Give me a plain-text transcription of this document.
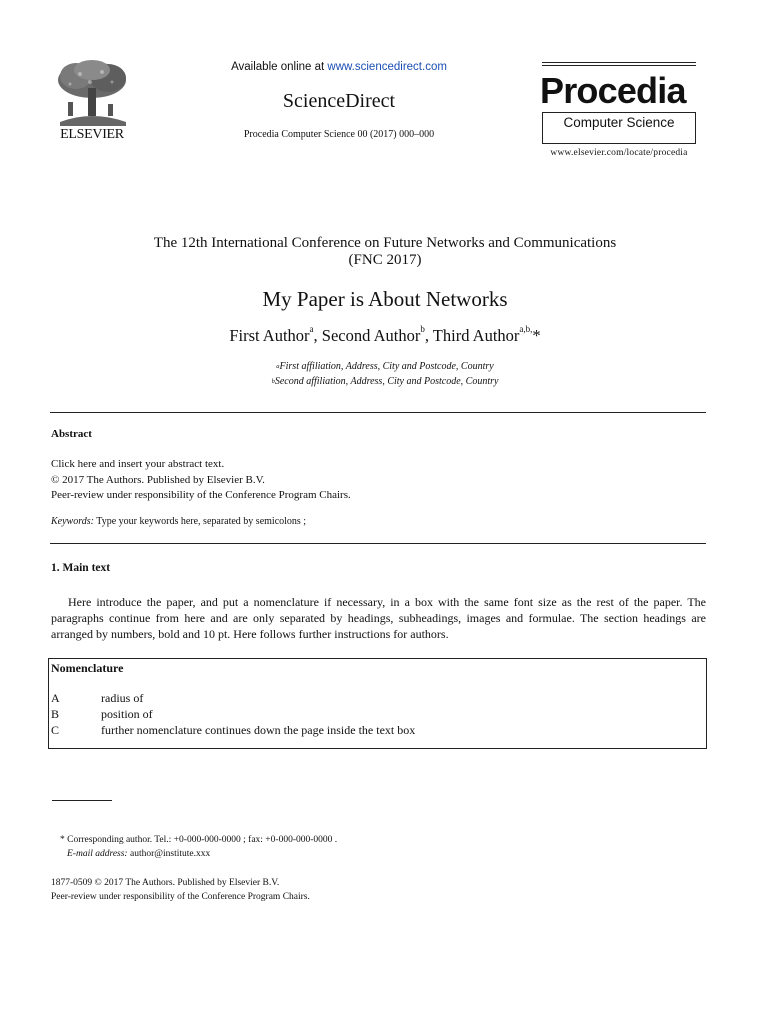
ELSEVIER
Available online at www.sciencedirect.com
ScienceDirect
Procedia Computer Science 00 (2017) 000–000
Procedia
Computer Science
www.elsevier.com/locate/procedia
The 12th International Conference on Future Networks and Communications
(FNC 2017)
My Paper is About Networks
First Author$^a$, Second Author$^b$, Third Author$^{a,b,}$*
$^a$First affiliation, Address, City and Postcode, Country
$^b$Second affiliation, Address, City and Postcode, Country
Abstract
Click here and insert your abstract text.
© 2017 The Authors. Published by Elsevier B.V.
Peer-review under responsibility of the Conference Program Chairs.
Keywords: Type your keywords here, separated by semicolons ;
1. Main text
Here introduce the paper, and put a nomenclature if necessary, in a box with the same font size as the rest of the paper. The paragraphs continue from here and are only separated by headings, subheadings, images and formulae. The section headings are arranged by numbers, bold and 10 pt. Here follows further instructions for authors.
Nomenclature
A	radius of
B	position of
C	further nomenclature continues down the page inside the text box
* Corresponding author. Tel.: +0-000-000-0000 ; fax: +0-000-000-0000 .
E-mail address: author@institute.xxx
1877-0509 © 2017 The Authors. Published by Elsevier B.V.
Peer-review under responsibility of the Conference Program Chairs.
